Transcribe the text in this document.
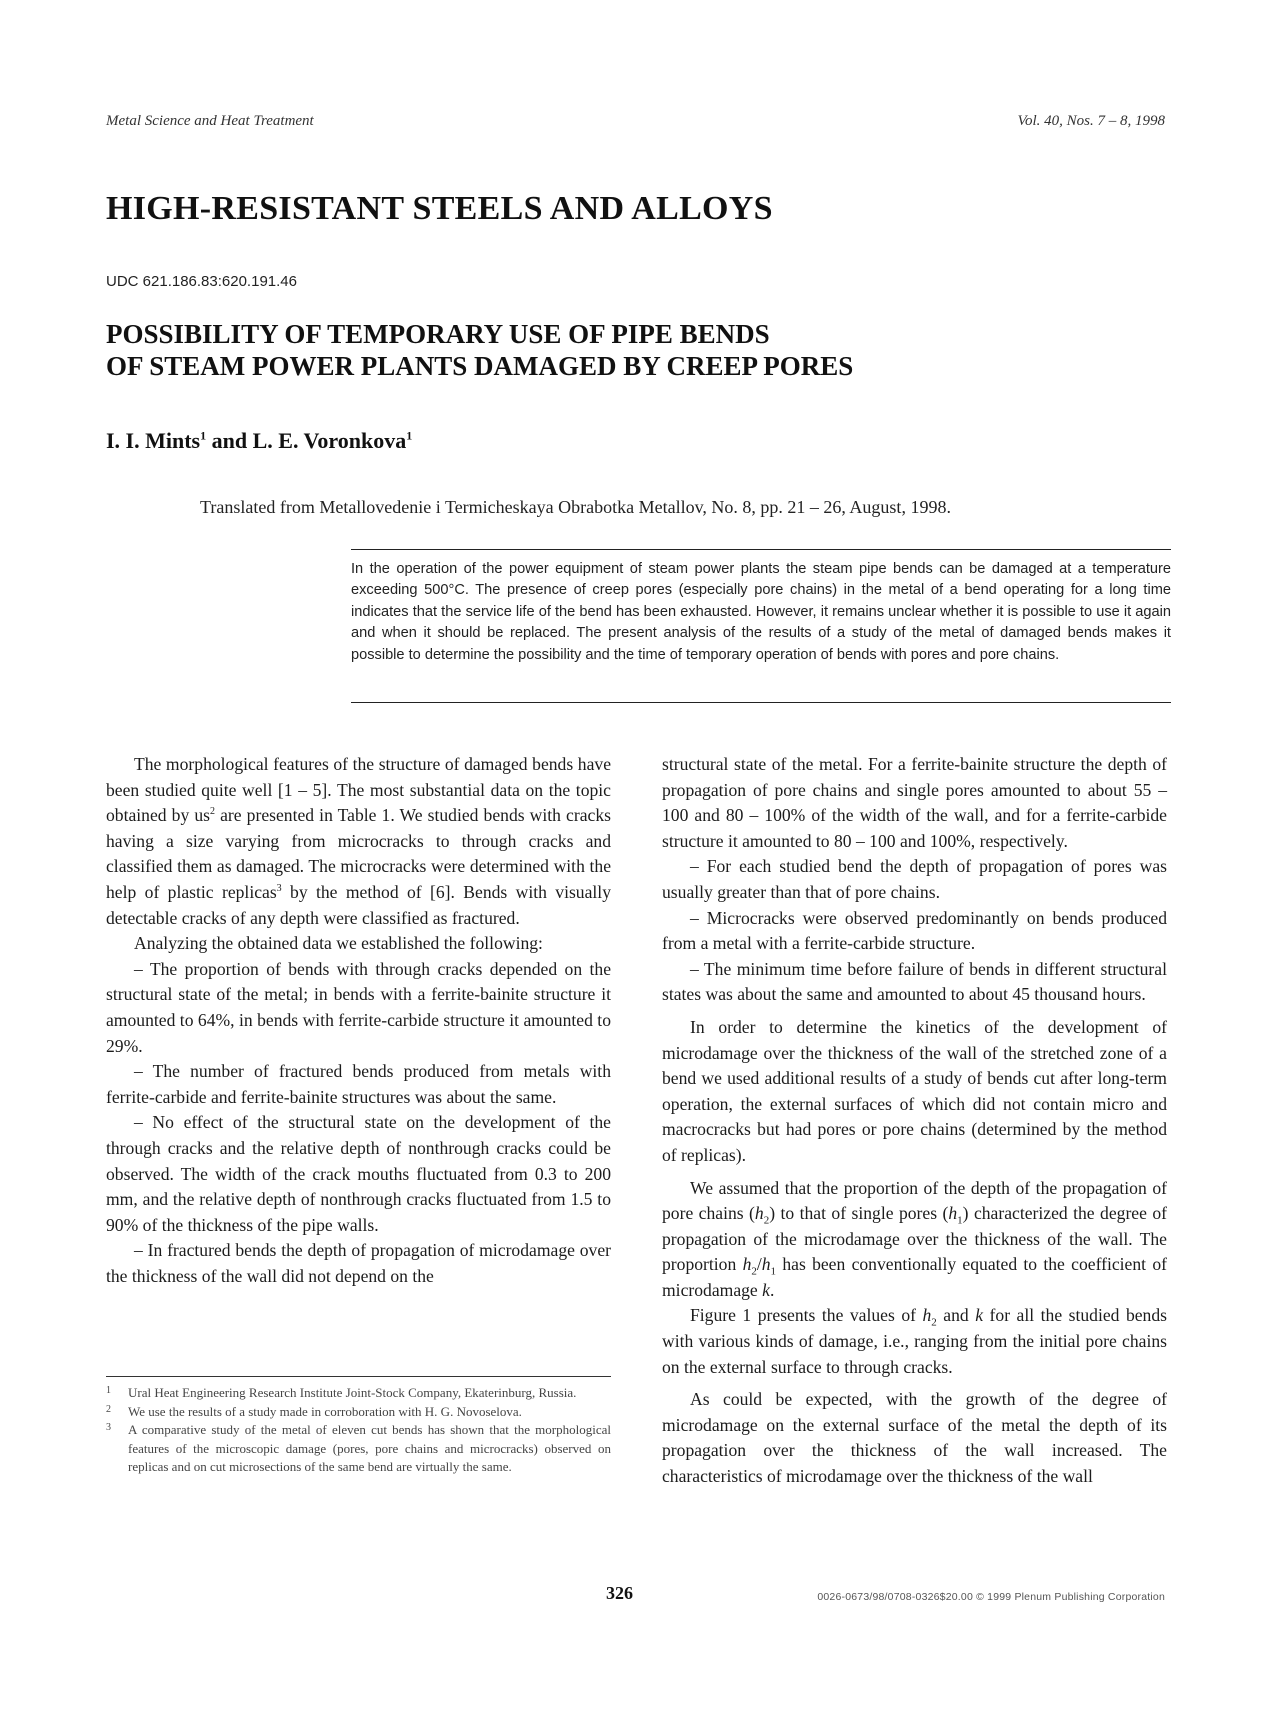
Metal Science and Heat Treatment	Vol. 40, Nos. 7 – 8, 1998
HIGH-RESISTANT STEELS AND ALLOYS
UDC 621.186.83:620.191.46
POSSIBILITY OF TEMPORARY USE OF PIPE BENDS
OF STEAM POWER PLANTS DAMAGED BY CREEP PORES
I. I. Mints$^1$ and L. E. Voronkova$^1$
Translated from Metallovedenie i Termicheskaya Obrabotka Metallov, No. 8, pp. 21 – 26, August, 1998.
In the operation of the power equipment of steam power plants the steam pipe bends can be damaged at a temperature exceeding 500°C. The presence of creep pores (especially pore chains) in the metal of a bend operating for a long time indicates that the service life of the bend has been exhausted. However, it remains unclear whether it is possible to use it again and when it should be replaced. The present analysis of the results of a study of the metal of damaged bends makes it possible to determine the possibility and the time of temporary operation of bends with pores and pore chains.

The morphological features of the structure of damaged bends have been studied quite well [1 – 5]. The most substantial data on the topic obtained by $us^2$ are presented in Table 1. We studied bends with cracks having a size varying from microcracks to through cracks and classified them as damaged. The microcracks were determined with the help of plastic replicas$^3$ by the method of [6]. Bends with visually detectable cracks of any depth were classified as fractured.

Analyzing the obtained data we established the following:

– The proportion of bends with through cracks depended on the structural state of the metal; in bends with a ferrite-bainite structure it amounted to 64%, in bends with ferrite-carbide structure it amounted to 29%.

– The number of fractured bends produced from metals with ferrite-carbide and ferrite-bainite structures was about the same.

– No effect of the structural state on the development of the through cracks and the relative depth of nonthrough cracks could be observed. The width of the crack mouths fluctuated from 0.3 to 200 mm, and the relative depth of nonthrough cracks fluctuated from 1.5 to 90% of the thickness of the pipe walls.

– In fractured bends the depth of propagation of microdamage over the thickness of the wall did not depend on the

1	Ural Heat Engineering Research Institute Joint-Stock Company, Ekaterinburg, Russia.
2	We use the results of a study made in corroboration with H. G. Novoselova.
3	A comparative study of the metal of eleven cut bends has shown that the morphological features of the microscopic damage (pores, pore chains and microcracks) observed on replicas and on cut microsections of the same bend are virtually the same.

structural state of the metal. For a ferrite-bainite structure the depth of propagation of pore chains and single pores amounted to about 55 – 100 and 80 – 100% of the width of the wall, and for a ferrite-carbide structure it amounted to 80 – 100 and 100%, respectively.

– For each studied bend the depth of propagation of pores was usually greater than that of pore chains.

– Microcracks were observed predominantly on bends produced from a metal with a ferrite-carbide structure.

– The minimum time before failure of bends in different structural states was about the same and amounted to about 45 thousand hours.

In order to determine the kinetics of the development of microdamage over the thickness of the wall of the stretched zone of a bend we used additional results of a study of bends cut after long-term operation, the external surfaces of which did not contain micro and macrocracks but had pores or pore chains (determined by the method of replicas).

We assumed that the proportion of the depth of the propagation of pore chains $(h_2)$ to that of single pores $(h_1)$ characterized the degree of propagation of the microdamage over the thickness of the wall. The proportion $h_2/h_1$ has been conventionally equated to the coefficient of microdamage k.

Figure 1 presents the values of $h_2$ and k for all the studied bends with various kinds of damage, i.e., ranging from the initial pore chains on the external surface to through cracks.

As could be expected, with the growth of the degree of microdamage on the external surface of the metal the depth of its propagation over the thickness of the wall increased. The characteristics of microdamage over the thickness of the wall

326	0026-0673/98/0708-0326$20.00 © 1999 Plenum Publishing Corporation
